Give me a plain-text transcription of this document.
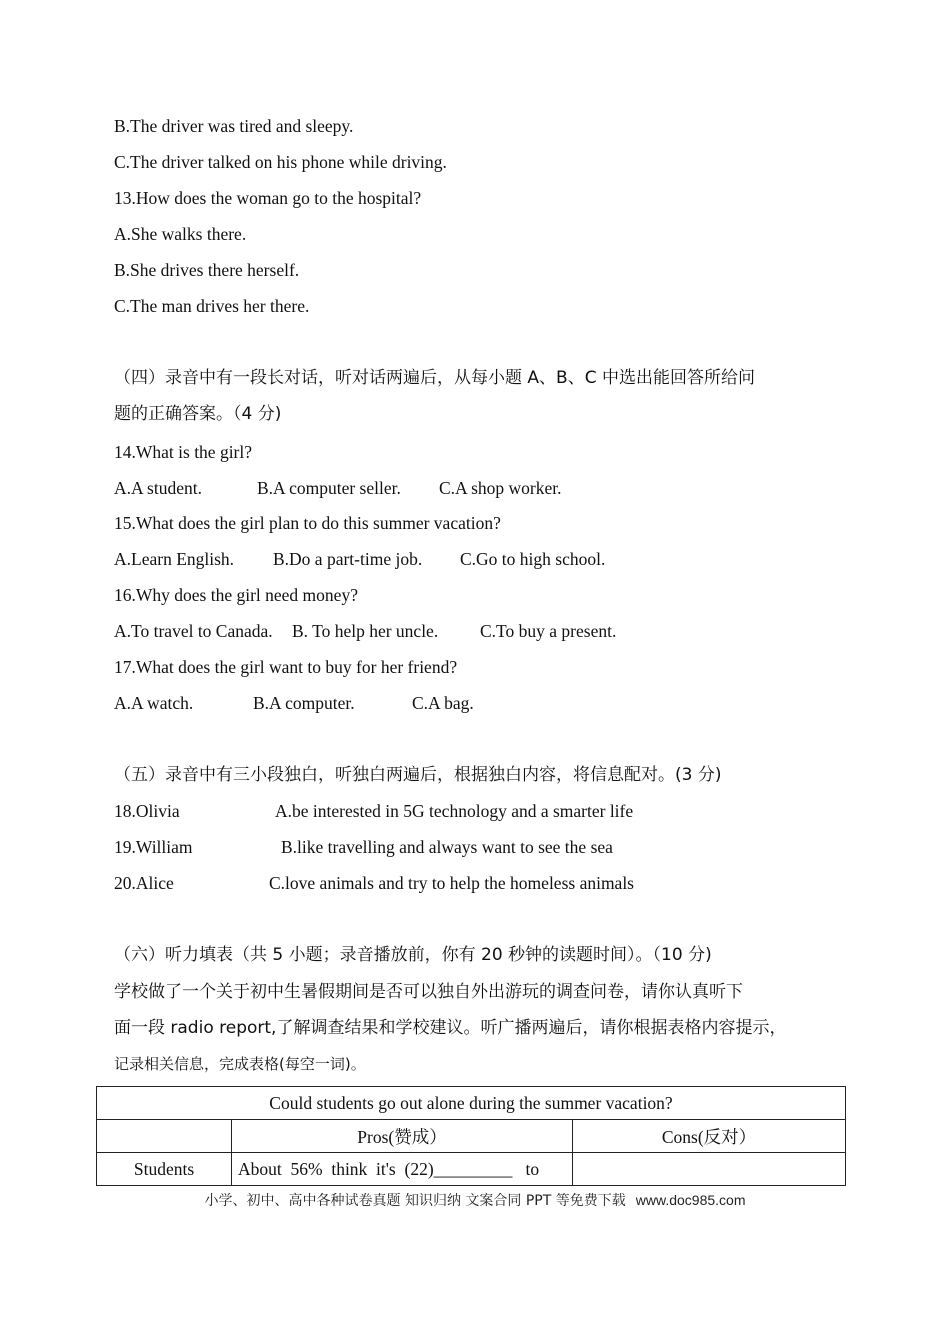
B.The driver was tired and sleepy.
C.The driver talked on his phone while driving.
13.How does the woman go to the hospital?
A.She walks there.
B.She drives there herself.
C.The man drives her there.
（四）录音中有一段长对话，听对话两遍后，从每小题 A、B、C 中选出能回答所给问
题的正确答案。（4 分)
14.What is the girl?
A.A student.	B.A computer seller. C.A shop worker.
15.What does the girl plan to do this summer vacation?
A.Learn English. B.Do a part-time job. C.Go to high school.
16.Why does the girl need money?
A.To travel to Canada. B. To help her uncle. C.To buy a present.
17.What does the girl want to buy for her friend?
A.A watch.	B.A computer.	C.A bag.
（五）录音中有三小段独白，听独白两遍后，根据独白内容，将信息配对。(3 分)
18.Olivia	A.be interested in 5G technology and a smarter life
19.William	B.like travelling and always want to see the sea
20.Alice	C.love animals and try to help the homeless animals
（六）听力填表（共 5 小题；录音播放前，你有 20 秒钟的读题时间）。（10 分)
学校做了一个关于初中生暑假期间是否可以独自外出游玩的调查问卷，请你认真听下
面一段 radio report,了解调查结果和学校建议。听广播两遍后，请你根据表格内容提示，
记录相关信息，完成表格(每空一词)。
Could students go out alone during the summer vacation?		
	Pros(赞成）	Cons(反对）
Students	About  56%  think  it's  (22)_________   to	
小学、初中、高中各种试卷真题 知识归纳 文案合同 PPT 等免费下载 www.doc985.com
